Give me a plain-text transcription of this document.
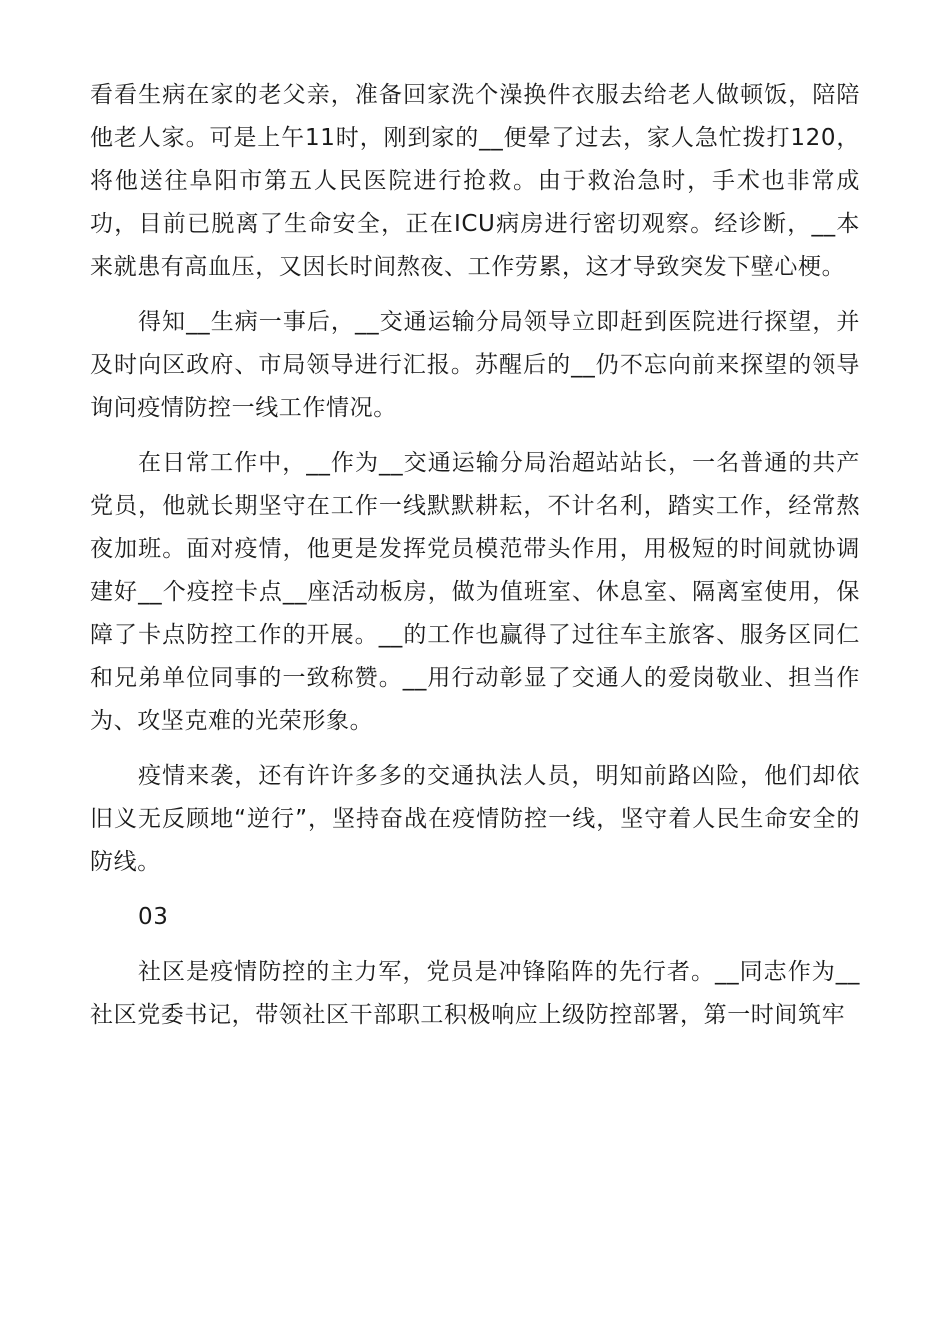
看看生病在家的老父亲，准备回家洗个澡换件衣服去给老人做顿饭，陪陪他老人家。可是上午11时，刚到家的__便晕了过去，家人急忙拨打120，将他送往阜阳市第五人民医院进行抢救。由于救治急时，手术也非常成功，目前已脱离了生命安全，正在ICU病房进行密切观察。经诊断，__本来就患有高血压，又因长时间熬夜、工作劳累，这才导致突发下壁心梗。

得知__生病一事后，__交通运输分局领导立即赶到医院进行探望，并及时向区政府、市局领导进行汇报。苏醒后的__仍不忘向前来探望的领导询问疫情防控一线工作情况。

在日常工作中，__作为__交通运输分局治超站站长，一名普通的共产党员，他就长期坚守在工作一线默默耕耘，不计名利，踏实工作，经常熬夜加班。面对疫情，他更是发挥党员模范带头作用，用极短的时间就协调建好__个疫控卡点__座活动板房，做为值班室、休息室、隔离室使用，保障了卡点防控工作的开展。__的工作也赢得了过往车主旅客、服务区同仁和兄弟单位同事的一致称赞。__用行动彰显了交通人的爱岗敬业、担当作为、攻坚克难的光荣形象。

疫情来袭，还有许许多多的交通执法人员，明知前路凶险，他们却依旧义无反顾地“逆行”，坚持奋战在疫情防控一线，坚守着人民生命安全的防线。

03

社区是疫情防控的主力军，党员是冲锋陷阵的先行者。__同志作为__社区党委书记，带领社区干部职工积极响应上级防控部署，第一时间筑牢
